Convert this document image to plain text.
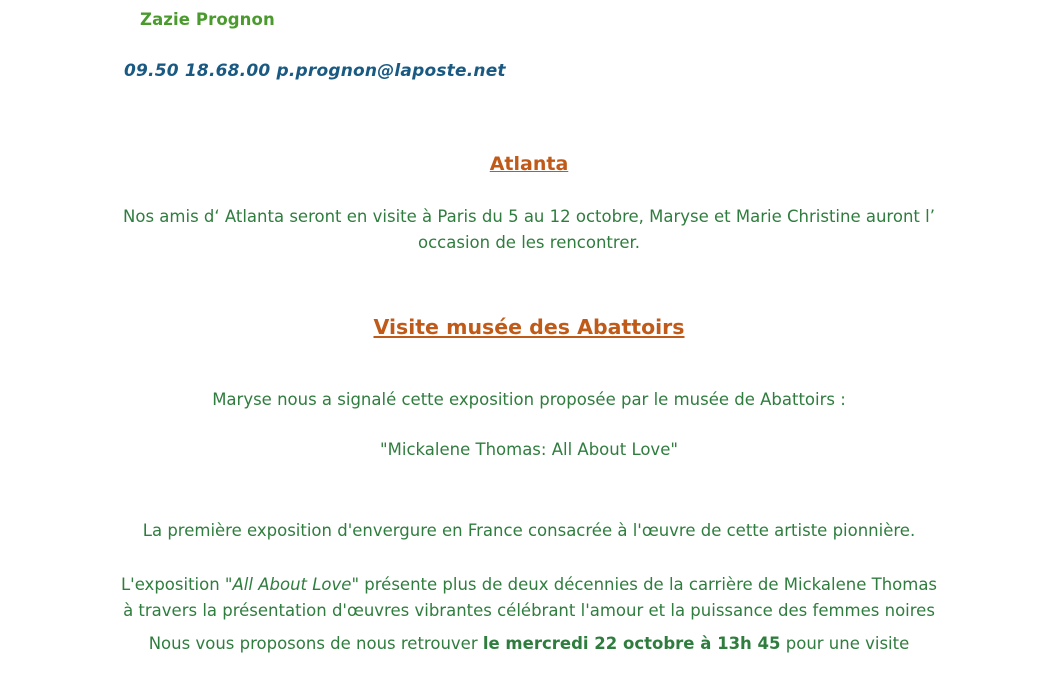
Zazie Prognon
09.50 18.68.00 p.prognon@laposte.net
Atlanta

Nos amis d‘ Atlanta seront en visite à Paris du 5 au 12 octobre, Maryse et Marie Christine auront l’ occasion de les rencontrer.

Visite musée des Abattoirs

Maryse nous a signalé cette exposition proposée par le musée de Abattoirs :

"Mickalene Thomas: All About Love"

La première exposition d'envergure en France consacrée à l'œuvre de cette artiste pionnière.

L'exposition "All About Love" présente plus de deux décennies de la carrière de Mickalene Thomas à travers la présentation d'œuvres vibrantes célébrant l'amour et la puissance des femmes noires

Nous vous proposons de nous retrouver le mercredi 22 octobre à 13h 45 pour une visite
